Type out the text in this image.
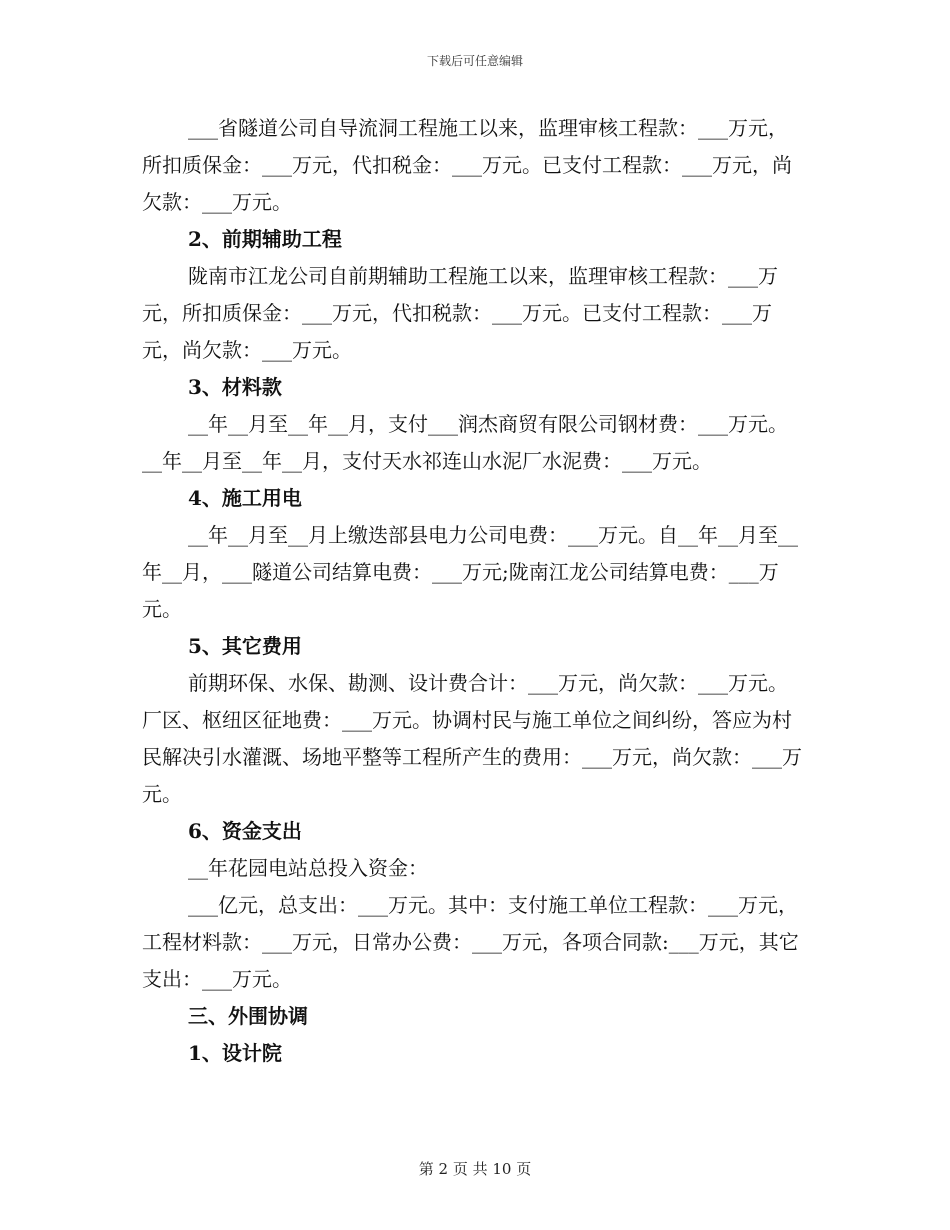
下载后可任意编辑

___省隧道公司自导流洞工程施工以来，监理审核工程款：___万元，所扣质保金：___万元，代扣税金：___万元。已支付工程款：___万元，尚欠款：___万元。

2、前期辅助工程

陇南市江龙公司自前期辅助工程施工以来，监理审核工程款：___万元，所扣质保金：___万元，代扣税款：___万元。已支付工程款：___万元，尚欠款：___万元。

3、材料款

__年__月至__年__月，支付___润杰商贸有限公司钢材费：___万元。__年__月至__年__月，支付天水祁连山水泥厂水泥费：___万元。

4、施工用电

__年__月至__月上缴迭部县电力公司电费：___万元。自__年__月至__年__月，___隧道公司结算电费：___万元;陇南江龙公司结算电费：___万元。

5、其它费用

前期环保、水保、勘测、设计费合计：___万元，尚欠款：___万元。厂区、枢纽区征地费：___万元。协调村民与施工单位之间纠纷，答应为村民解决引水灌溉、场地平整等工程所产生的费用：___万元，尚欠款：___万元。

6、资金支出

__年花园电站总投入资金：

___亿元，总支出：___万元。其中：支付施工单位工程款：___万元，工程材料款：___万元，日常办公费：___万元，各项合同款:___万元，其它支出：___万元。

三、外围协调

1、设计院

第 2 页 共 10 页
